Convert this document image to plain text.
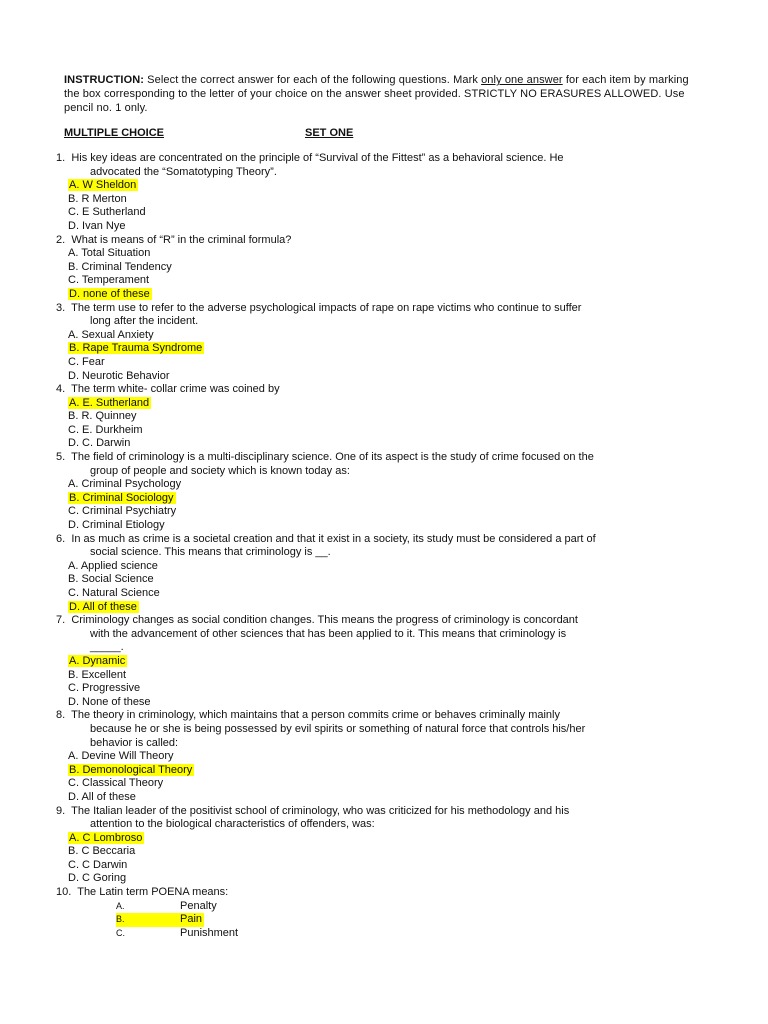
INSTRUCTION: Select the correct answer for each of the following questions. Mark only one answer for each item by marking the box corresponding to the letter of your choice on the answer sheet provided. STRICTLY NO ERASURES ALLOWED. Use pencil no. 1 only.
MULTIPLE CHOICE	SET ONE
1. His key ideas are concentrated on the principle of “Survival of the Fittest” as a behavioral science. He
advocated the “Somatotyping Theory”.
A. W Sheldon
B. R Merton
C. E Sutherland
D. Ivan Nye
2. What is means of “R” in the criminal formula?
A. Total Situation
B. Criminal Tendency
C. Temperament
D. none of these
3. The term use to refer to the adverse psychological impacts of rape on rape victims who continue to suffer
long after the incident.
A. Sexual Anxiety
B. Rape Trauma Syndrome
C. Fear
D. Neurotic Behavior
4. The term white- collar crime was coined by
A. E. Sutherland
B. R. Quinney
C. E. Durkheim
D. C. Darwin
5. The field of criminology is a multi-disciplinary science. One of its aspect is the study of crime focused on the
group of people and society which is known today as:
A. Criminal Psychology
B. Criminal Sociology
C. Criminal Psychiatry
D. Criminal Etiology
6. In as much as crime is a societal creation and that it exist in a society, its study must be considered a part of
social science. This means that criminology is __.
A. Applied science
B. Social Science
C. Natural Science
D. All of these
7. Criminology changes as social condition changes. This means the progress of criminology is concordant
with the advancement of other sciences that has been applied to it. This means that criminology is
_____.
A. Dynamic
B. Excellent
C. Progressive
D. None of these
8. The theory in criminology, which maintains that a person commits crime or behaves criminally mainly
because he or she is being possessed by evil spirits or something of natural force that controls his/her
behavior is called:
A. Devine Will Theory
B. Demonological Theory
C. Classical Theory
D. All of these
9. The Italian leader of the positivist school of criminology, who was criticized for his methodology and his
attention to the biological characteristics of offenders, was:
A. C Lombroso
B. C Beccaria
C. C Darwin
D. C Goring
10. The Latin term POENA means:
A.	Penalty
B.	Pain
C.	Punishment
